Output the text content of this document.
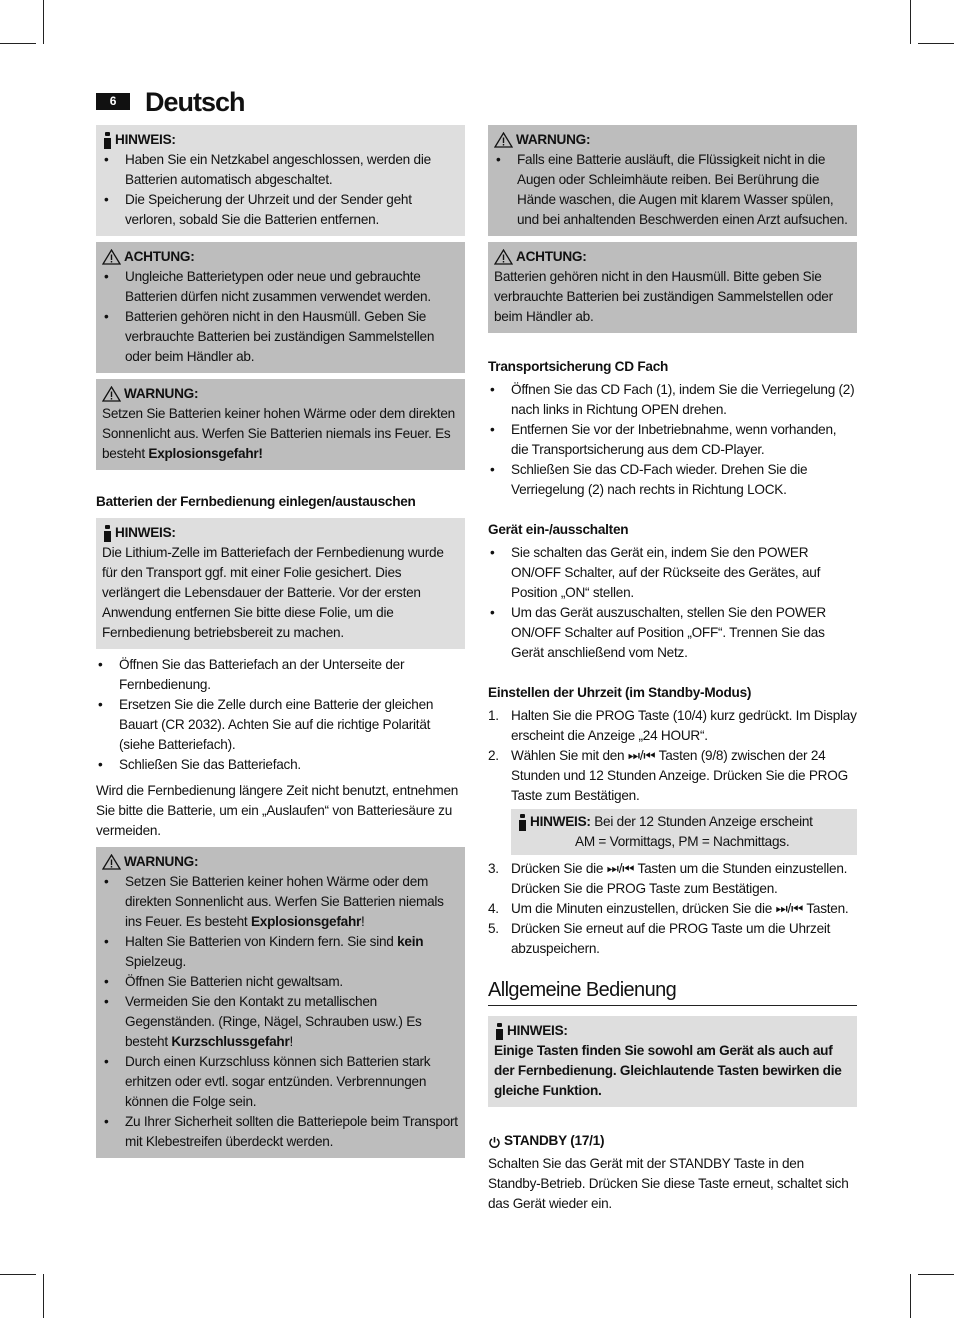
6	Deutsch
HINWEIS:
• Haben Sie ein Netzkabel angeschlossen, werden die Batterien automatisch abgeschaltet.
• Die Speicherung der Uhrzeit und der Sender geht verloren, sobald Sie die Batterien entfernen.
ACHTUNG:
• Ungleiche Batterietypen oder neue und gebrauchte Batterien dürfen nicht zusammen verwendet werden.
• Batterien gehören nicht in den Hausmüll. Geben Sie verbrauchte Batterien bei zuständigen Sammelstellen oder beim Händler ab.
WARNUNG:

Setzen Sie Batterien keiner hohen Wärme oder dem direkten Sonnenlicht aus. Werfen Sie Batterien niemals ins Feuer. Es besteht Explosionsgefahr!

Batterien der Fernbedienung einlegen/austauschen
HINWEIS:

Die Lithium-Zelle im Batteriefach der Fernbedienung wurde für den Transport ggf. mit einer Folie gesichert. Dies verlängert die Lebensdauer der Batterie. Vor der ersten Anwendung entfernen Sie bitte diese Folie, um die Fernbedienung betriebsbereit zu machen.

• Öffnen Sie das Batteriefach an der Unterseite der Fernbedienung.
• Ersetzen Sie die Zelle durch eine Batterie der gleichen Bauart (CR 2032). Achten Sie auf die richtige Polarität (siehe Batteriefach).
• Schließen Sie das Batteriefach.

Wird die Fernbedienung längere Zeit nicht benutzt, entnehmen Sie bitte die Batterie, um ein „Auslaufen“ von Batteriesäure zu vermeiden.

WARNUNG:
• Setzen Sie Batterien keiner hohen Wärme oder dem direkten Sonnenlicht aus. Werfen Sie Batterien niemals ins Feuer. Es besteht Explosionsgefahr!
• Halten Sie Batterien von Kindern fern. Sie sind kein Spielzeug.
• Öffnen Sie Batterien nicht gewaltsam.
• Vermeiden Sie den Kontakt zu metallischen Gegenständen. (Ringe, Nägel, Schrauben usw.) Es besteht Kurzschlussgefahr!
• Durch einen Kurzschluss können sich Batterien stark erhitzen oder evtl. sogar entzünden. Verbrennungen können die Folge sein.
• Zu Ihrer Sicherheit sollten die Batteriepole beim Transport mit Klebestreifen überdeckt werden.
WARNUNG:
• Falls eine Batterie ausläuft, die Flüssigkeit nicht in die Augen oder Schleimhäute reiben. Bei Berührung die Hände waschen, die Augen mit klarem Wasser spülen, und bei anhaltenden Beschwerden einen Arzt aufsuchen.
ACHTUNG:

Batterien gehören nicht in den Hausmüll. Bitte geben Sie verbrauchte Batterien bei zuständigen Sammelstellen oder beim Händler ab.

Transportsicherung CD Fach
• Öffnen Sie das CD Fach (1), indem Sie die Verriegelung (2) nach links in Richtung OPEN drehen.
• Entfernen Sie vor der Inbetriebnahme, wenn vorhanden, die Transportsicherung aus dem CD-Player.
• Schließen Sie das CD-Fach wieder. Drehen Sie die Verriegelung (2) nach rechts in Richtung LOCK.
Gerät ein-/ausschalten
• Sie schalten das Gerät ein, indem Sie den POWER ON/OFF Schalter, auf der Rückseite des Gerätes, auf Position „ON“ stellen.
• Um das Gerät auszuschalten, stellen Sie den POWER ON/OFF Schalter auf Position „OFF“. Trennen Sie das Gerät anschließend vom Netz.
Einstellen der Uhrzeit (im Standby-Modus)
1. Halten Sie die PROG Taste (10/4) kurz gedrückt. Im Display erscheint die Anzeige „24 HOUR“.
2. Wählen Sie mit den ⏭/⏮ Tasten (9/8) zwischen der 24 Stunden und 12 Stunden Anzeige. Drücken Sie die PROG Taste zum Bestätigen.
HINWEIS: Bei der 12 Stunden Anzeige erscheint
AM = Vormittags, PM = Nachmittags.
3. Drücken Sie die ⏭/⏮ Tasten um die Stunden einzustellen. Drücken Sie die PROG Taste zum Bestätigen.
4. Um die Minuten einzustellen, drücken Sie die ⏭/⏮ Tasten.
5. Drücken Sie erneut auf die PROG Taste um die Uhrzeit abzuspeichern.
Allgemeine Bedienung
HINWEIS:

Einige Tasten finden Sie sowohl am Gerät als auch auf der Fernbedienung. Gleichlautende Tasten bewirken die gleiche Funktion.

STANDBY (17/1)

Schalten Sie das Gerät mit der STANDBY Taste in den Standby-Betrieb. Drücken Sie diese Taste erneut, schaltet sich das Gerät wieder ein.
